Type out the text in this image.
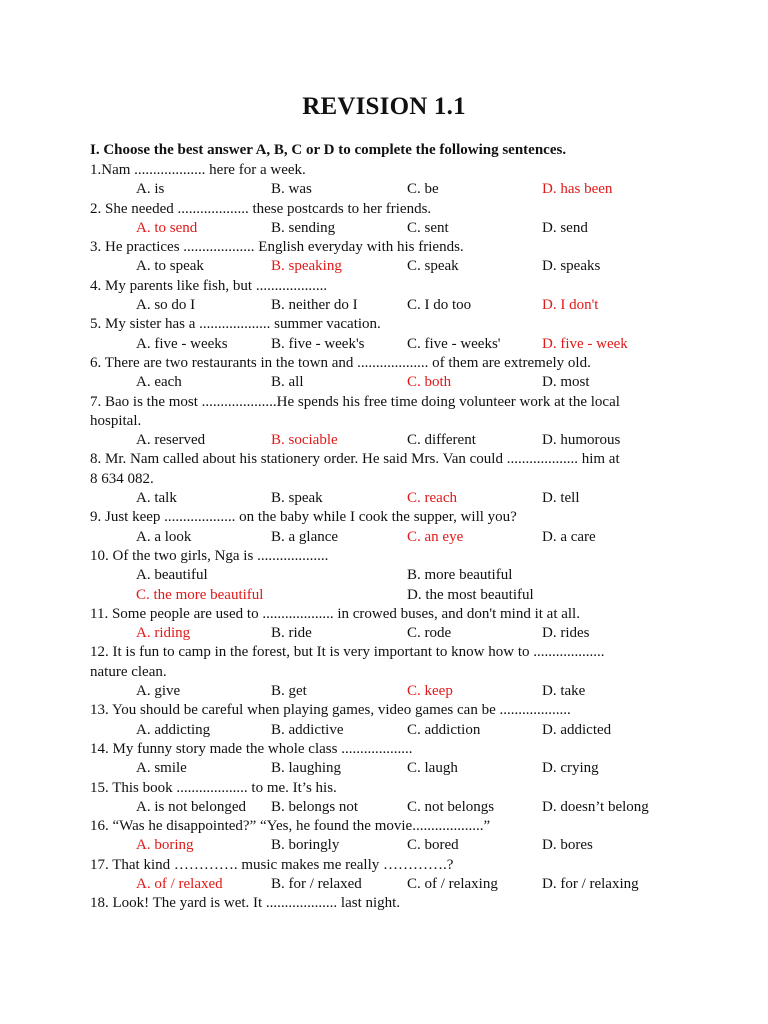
REVISION 1.1
I. Choose the best answer A, B, C or D to complete the following sentences.
1.Nam ................... here for a week.
A. is	B. was	C. be	D. has been
2. She needed ................... these postcards to her friends.
A. to send	B. sending	C. sent	D. send
3. He practices ................... English everyday with his friends.
A. to speak	B. speaking	C. speak	D. speaks
4. My parents like fish, but ...................
A. so do I	B. neither do I	C. I do too	D. I don't
5. My sister has a ................... summer vacation.
A. five - weeks	B. five - week's	C. five - weeks'	D. five - week
6. There are two restaurants in the town and ................... of them are extremely old.
A. each	B. all	C. both	D. most
7. Bao is the most ....................He spends his free time doing volunteer work at the local
hospital.
A. reserved	B. sociable	C. different	D. humorous
8. Mr. Nam called about his stationery order. He said Mrs. Van could ................... him at
8 634 082.
A. talk	B. speak	C. reach	D. tell
9. Just keep ................... on the baby while I cook the supper, will you?
A. a look	B. a glance	C. an eye	D. a care
10. Of the two girls, Nga is ...................
A. beautiful	B. more beautiful
C. the more beautiful	D. the most beautiful
11. Some people are used to ................... in crowed buses, and don't mind it at all.
A. riding	B. ride	C. rode	D. rides
12. It is fun to camp in the forest, but It is very important to know how to ...................
nature clean.
A. give	B. get	C. keep	D. take
13. You should be careful when playing games, video games can be ...................
A. addicting	B. addictive	C. addiction	D. addicted
14. My funny story made the whole class ...................
A. smile	B. laughing	C. laugh	D. crying
15. This book ................... to me. It’s his.
A. is not belonged B. belongs not	C. not belongs	D. doesn’t belong
16. “Was he disappointed?” “Yes, he found the movie...................”
A. boring	B. boringly	C. bored	D. bores
17. That kind …………. music makes me really ………….?
A. of / relaxed	B. for / relaxed	C. of / relaxing	D. for / relaxing
18. Look! The yard is wet. It ................... last night.
